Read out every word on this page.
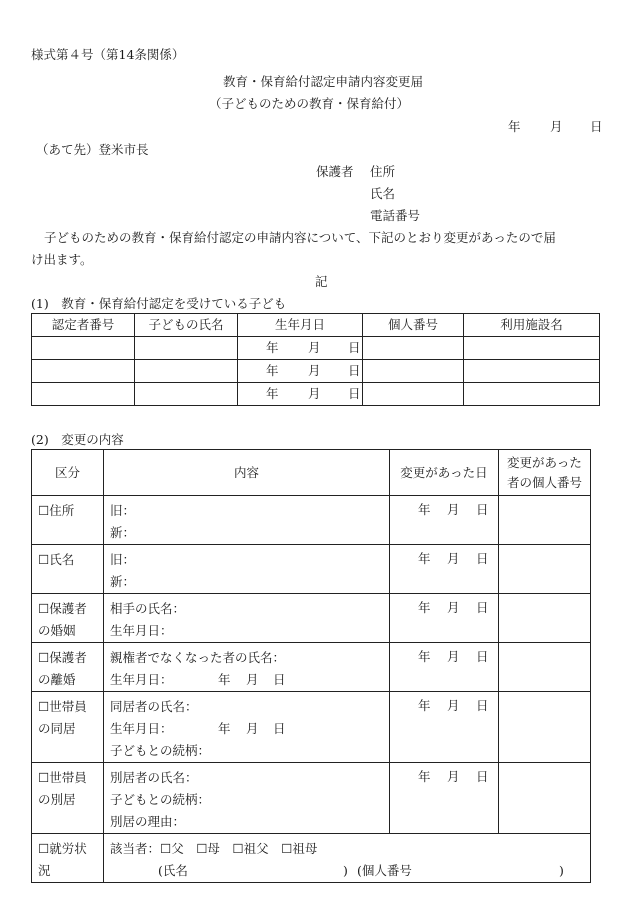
様式第４号（第14条関係）
教育・保育給付認定申請内容変更届
（子どものための教育・保育給付）
年 月 日
（あて先）登米市長
保護者 住所
氏名
電話番号
子どものための教育・保育給付認定の申請内容について、下記のとおり変更があったので届
け出ます。
記
(1)　教育・保育給付認定を受けている子ども
認定者番号	子どもの氏名	生年月日	個人番号	利用施設名

		年 月 日		

		年 月 日		

		年 月 日		

(2)　変更の内容
区分	内容	変更があった日	変更があった
者の個人番号

☐住所	旧：
新：	年 月 日	

☐氏名	旧：
新：	年 月 日	

☐保護者
の婚姻	相手の氏名：
生年月日：	年 月 日	

☐保護者
の離婚	親権者でなくなった者の氏名：
生年月日： 年 月 日	年 月 日	

☐世帯員
の同居	同居者の氏名：
生年月日： 年 月 日
子どもとの続柄：	年 月 日	

☐世帯員
の別居	別居者の氏名：
子どもとの続柄：
別居の理由：	年 月 日	

☐就労状
況	該当者：☐父　☐母　☐祖父　☐祖母
(氏名 ) (個人番号 )		
